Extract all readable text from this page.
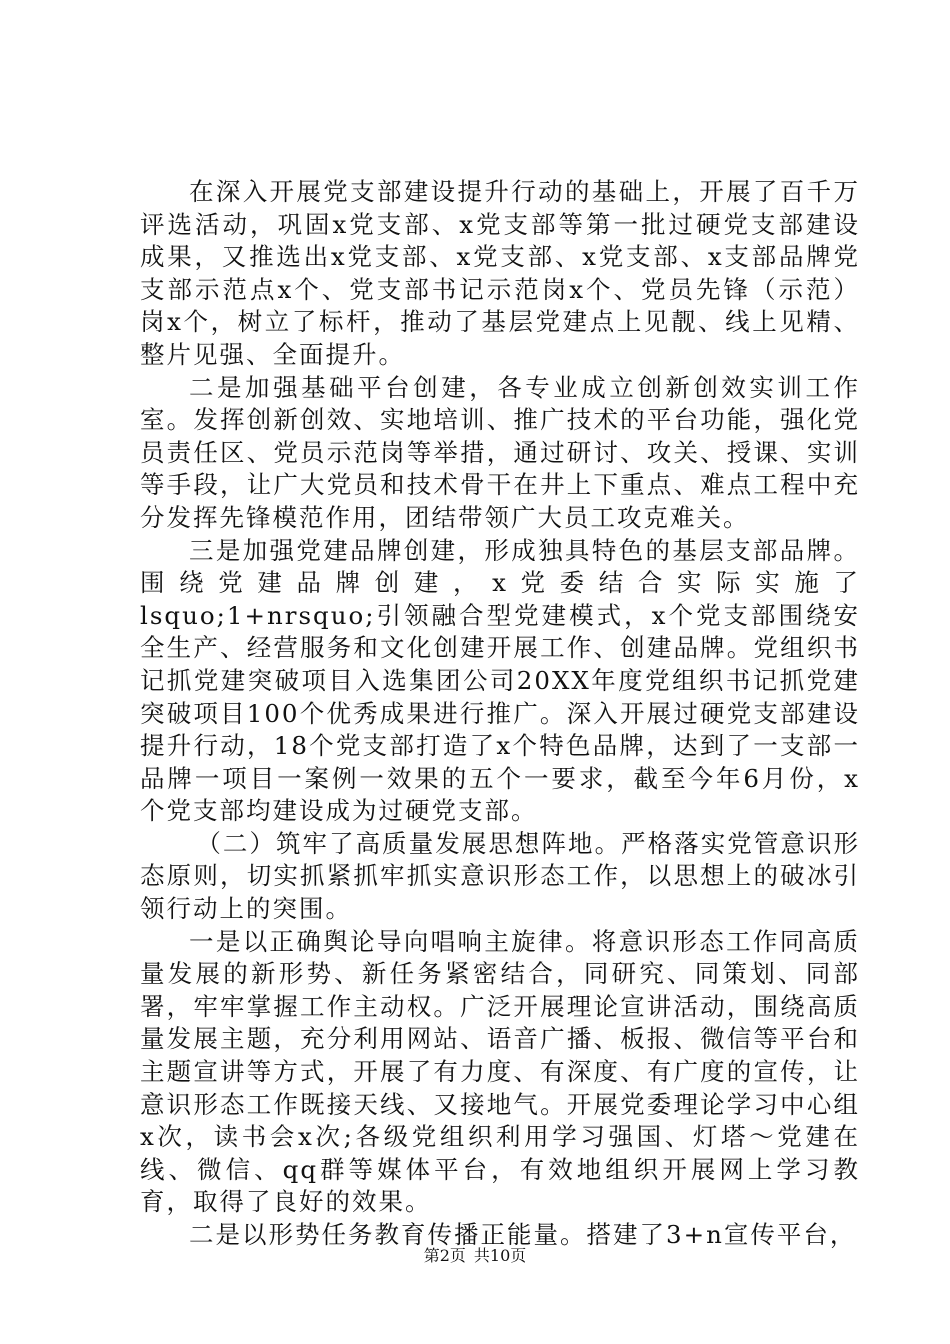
在深入开展党支部建设提升行动的基础上，开展了百千万评选活动，巩固x党支部、x党支部等第一批过硬党支部建设成果，又推选出x党支部、x党支部、x党支部、x支部品牌党支部示范点x个、党支部书记示范岗x个、党员先锋（示范）岗x个，树立了标杆，推动了基层党建点上见靓、线上见精、整片见强、全面提升。

二是加强基础平台创建，各专业成立创新创效实训工作室。发挥创新创效、实地培训、推广技术的平台功能，强化党员责任区、党员示范岗等举措，通过研讨、攻关、授课、实训等手段，让广大党员和技术骨干在井上下重点、难点工程中充分发挥先锋模范作用，团结带领广大员工攻克难关。

三是加强党建品牌创建，形成独具特色的基层支部品牌。围绕党建品牌创建，x党委结合实际实施了lsquo;1+nrsquo;引领融合型党建模式，x个党支部围绕安全生产、经营服务和文化创建开展工作、创建品牌。党组织书记抓党建突破项目入选集团公司20XX年度党组织书记抓党建突破项目100个优秀成果进行推广。深入开展过硬党支部建设提升行动，18个党支部打造了x个特色品牌，达到了一支部一品牌一项目一案例一效果的五个一要求，截至今年6月份，x个党支部均建设成为过硬党支部。

（二）筑牢了高质量发展思想阵地。严格落实党管意识形态原则，切实抓紧抓牢抓实意识形态工作，以思想上的破冰引领行动上的突围。

一是以正确舆论导向唱响主旋律。将意识形态工作同高质量发展的新形势、新任务紧密结合，同研究、同策划、同部署，牢牢掌握工作主动权。广泛开展理论宣讲活动，围绕高质量发展主题，充分利用网站、语音广播、板报、微信等平台和主题宣讲等方式，开展了有力度、有深度、有广度的宣传，让意识形态工作既接天线、又接地气。开展党委理论学习中心组x次，读书会x次;各级党组织利用学习强国、灯塔～党建在线、微信、qq群等媒体平台，有效地组织开展网上学习教育，取得了良好的效果。

二是以形势任务教育传播正能量。搭建了3+n宣传平台，

第2页 共10页
